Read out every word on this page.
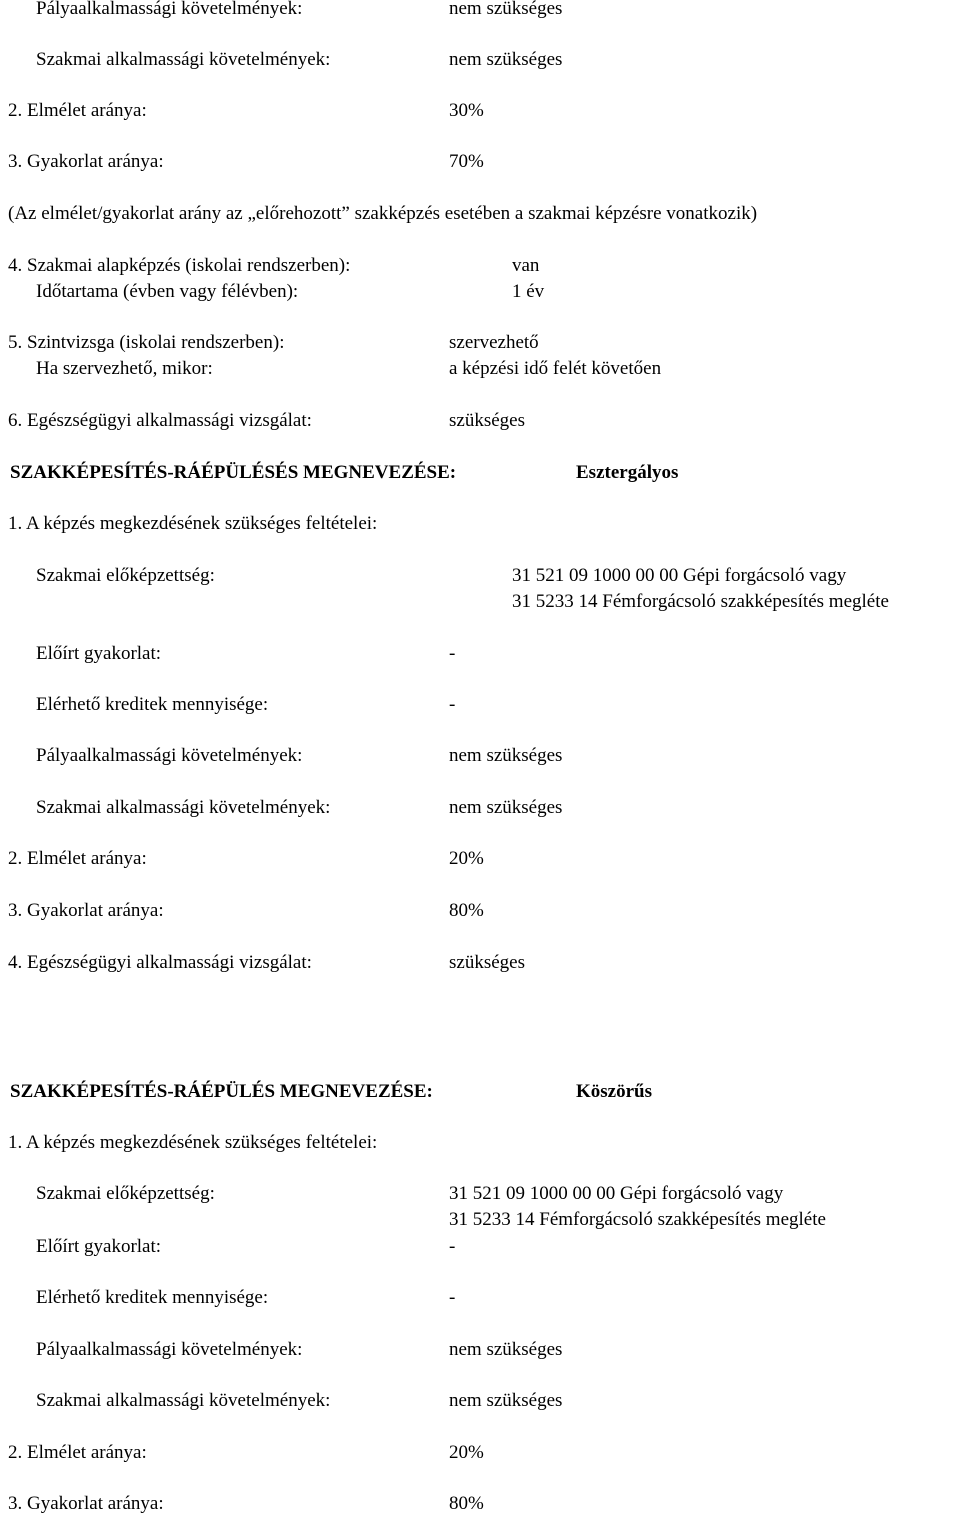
Pályaalkalmassági követelmények:	nem szükséges
Szakmai alkalmassági követelmények:	nem szükséges
2. Elmélet aránya:	30%
3. Gyakorlat aránya:	70%
(Az elmélet/gyakorlat arány az „előrehozott” szakképzés esetében a szakmai képzésre vonatkozik)
4. Szakmai alapképzés (iskolai rendszerben):	van
Időtartama (évben vagy félévben):	1 év
5. Szintvizsga (iskolai rendszerben):	szervezhető
Ha szervezhető, mikor:	a képzési idő felét követően
6. Egészségügyi alkalmassági vizsgálat:	szükséges
SZAKKÉPESÍTÉS-RÁÉPÜLÉSÉS MEGNEVEZÉSE:	Esztergályos
1. A képzés megkezdésének szükséges feltételei:
Szakmai előképzettség:	31 521 09 1000 00 00 Gépi forgácsoló vagy
31 5233 14 Fémforgácsoló szakképesítés megléte
Előírt gyakorlat:	-
Elérhető kreditek mennyisége:	-
Pályaalkalmassági követelmények:	nem szükséges
Szakmai alkalmassági követelmények:	nem szükséges
2. Elmélet aránya:	20%
3. Gyakorlat aránya:	80%
4. Egészségügyi alkalmassági vizsgálat:	szükséges
SZAKKÉPESÍTÉS-RÁÉPÜLÉS MEGNEVEZÉSE:	Köszörűs
1. A képzés megkezdésének szükséges feltételei:
Szakmai előképzettség:	31 521 09 1000 00 00 Gépi forgácsoló vagy
31 5233 14 Fémforgácsoló szakképesítés megléte
Előírt gyakorlat:	-
Elérhető kreditek mennyisége:	-
Pályaalkalmassági követelmények:	nem szükséges
Szakmai alkalmassági követelmények:	nem szükséges
2. Elmélet aránya:	20%
3. Gyakorlat aránya:	80%
